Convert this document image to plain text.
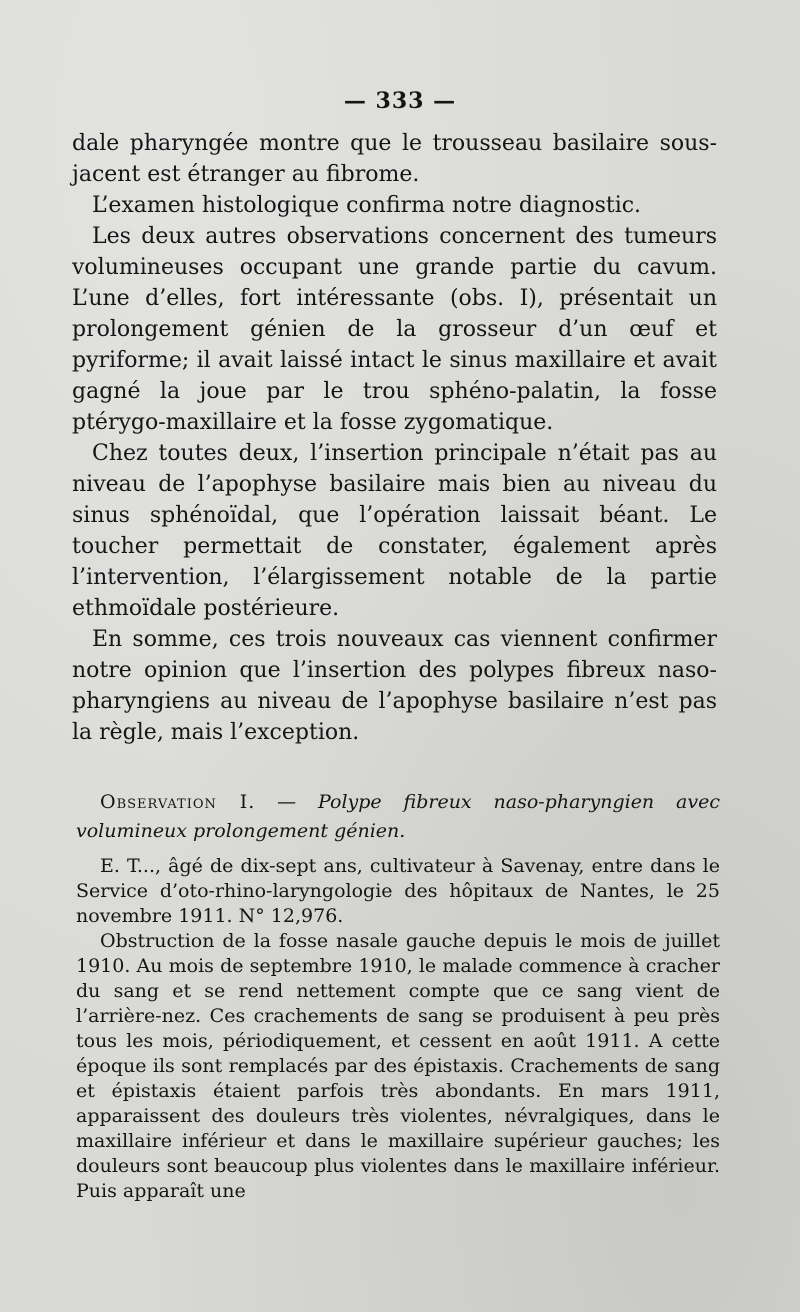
— 333 —

dale pharyngée montre que le trousseau basilaire sous-jacent est étranger au fibrome.

L’examen histologique confirma notre diagnostic.

Les deux autres observations concernent des tumeurs volumineuses occupant une grande partie du cavum. L’une d’elles, fort intéressante (obs. I), présentait un prolongement génien de la grosseur d’un œuf et pyriforme; il avait laissé intact le sinus maxillaire et avait gagné la joue par le trou sphéno-palatin, la fosse ptérygo-maxillaire et la fosse zygomatique.

Chez toutes deux, l’insertion principale n’était pas au niveau de l’apophyse basilaire mais bien au niveau du sinus sphénoïdal, que l’opération laissait béant. Le toucher permettait de constater, également après l’intervention, l’élargissement notable de la partie ethmoïdale postérieure.

En somme, ces trois nouveaux cas viennent confirmer notre opinion que l’insertion des polypes fibreux naso-pharyngiens au niveau de l’apophyse basilaire n’est pas la règle, mais l’exception.

Observation I. — Polype fibreux naso-pharyngien avec volumineux prolongement génien.

E. T..., âgé de dix-sept ans, cultivateur à Savenay, entre dans le Service d’oto-rhino-laryngologie des hôpitaux de Nantes, le 25 novembre 1911. N° 12,976.

Obstruction de la fosse nasale gauche depuis le mois de juillet 1910. Au mois de septembre 1910, le malade commence à cracher du sang et se rend nettement compte que ce sang vient de l’arrière-nez. Ces crachements de sang se produisent à peu près tous les mois, périodiquement, et cessent en août 1911. A cette époque ils sont remplacés par des épistaxis. Crachements de sang et épistaxis étaient parfois très abondants. En mars 1911, apparaissent des douleurs très violentes, névralgiques, dans le maxillaire inférieur et dans le maxillaire supérieur gauches; les douleurs sont beaucoup plus violentes dans le maxillaire inférieur. Puis apparaît une
